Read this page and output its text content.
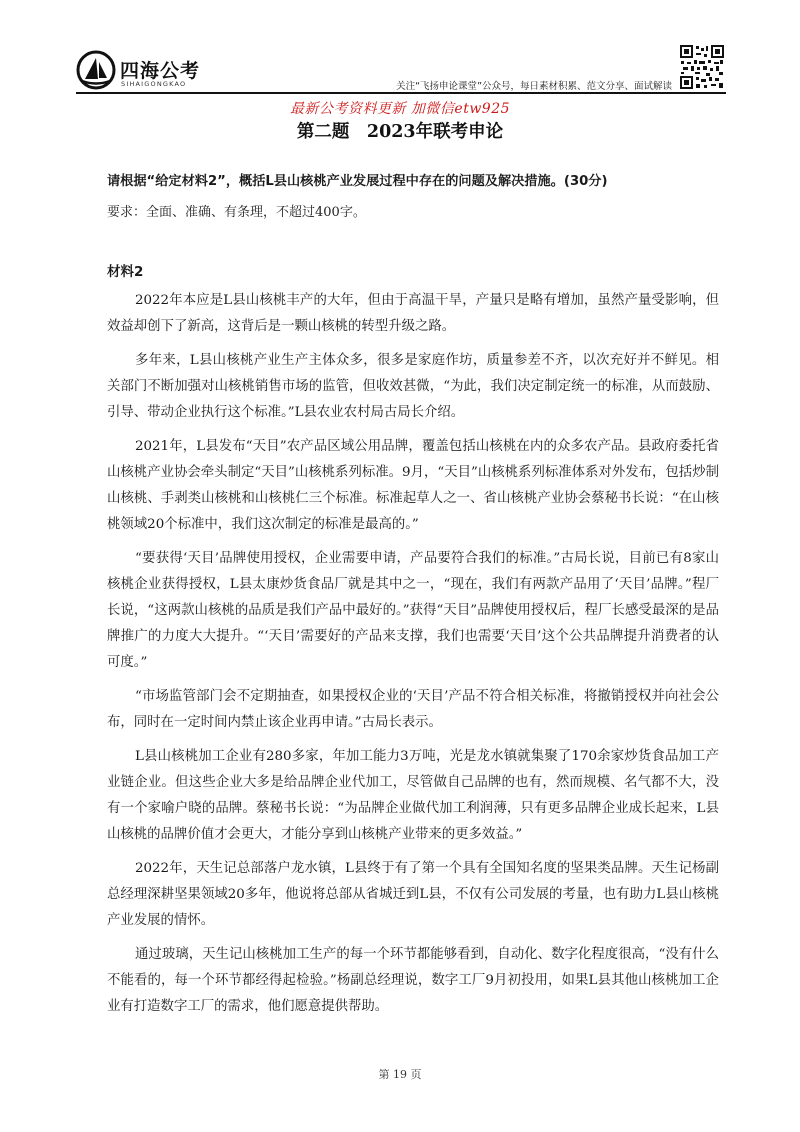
四海公考
SIHAIGONGKAO	关注“飞扬申论课堂”公众号，每日素材积累、范文分享、面试解读
最新公考资料更新 加微信etw925
第二题　2023年联考申论
请根据“给定材料2”，概括L县山核桃产业发展过程中存在的问题及解决措施。(30分)
要求：全面、准确、有条理，不超过400字。
材料2

2022年本应是L县山核桃丰产的大年，但由于高温干旱，产量只是略有增加，虽然产量受影响，但效益却创下了新高，这背后是一颗山核桃的转型升级之路。

多年来，L县山核桃产业生产主体众多，很多是家庭作坊，质量参差不齐，以次充好并不鲜见。相关部门不断加强对山核桃销售市场的监管，但收效甚微，“为此，我们决定制定统一的标准，从而鼓励、引导、带动企业执行这个标准。”L县农业农村局古局长介绍。

2021年，L县发布“天目”农产品区域公用品牌，覆盖包括山核桃在内的众多农产品。县政府委托省山核桃产业协会牵头制定“天目”山核桃系列标准。9月，“天目”山核桃系列标准体系对外发布，包括炒制山核桃、手剥类山核桃和山核桃仁三个标准。标准起草人之一、省山核桃产业协会蔡秘书长说：“在山核桃领域20个标准中，我们这次制定的标准是最高的。”

“要获得‘天目’品牌使用授权，企业需要申请，产品要符合我们的标准。”古局长说，目前已有8家山核桃企业获得授权，L县太康炒货食品厂就是其中之一，“现在，我们有两款产品用了‘天目’品牌。”程厂长说，“这两款山核桃的品质是我们产品中最好的。”获得“天目”品牌使用授权后，程厂长感受最深的是品牌推广的力度大大提升。“‘天目’需要好的产品来支撑，我们也需要‘天目’这个公共品牌提升消费者的认可度。”

“市场监管部门会不定期抽查，如果授权企业的‘天目’产品不符合相关标准，将撤销授权并向社会公布，同时在一定时间内禁止该企业再申请。”古局长表示。

L县山核桃加工企业有280多家，年加工能力3万吨，光是龙水镇就集聚了170余家炒货食品加工产业链企业。但这些企业大多是给品牌企业代加工，尽管做自己品牌的也有，然而规模、名气都不大，没有一个家喻户晓的品牌。蔡秘书长说：“为品牌企业做代加工利润薄，只有更多品牌企业成长起来，L县山核桃的品牌价值才会更大，才能分享到山核桃产业带来的更多效益。”

2022年，天生记总部落户龙水镇，L县终于有了第一个具有全国知名度的坚果类品牌。天生记杨副总经理深耕坚果领域20多年，他说将总部从省城迁到L县，不仅有公司发展的考量，也有助力L县山核桃产业发展的情怀。

通过玻璃，天生记山核桃加工生产的每一个环节都能够看到，自动化、数字化程度很高，“没有什么不能看的，每一个环节都经得起检验。”杨副总经理说，数字工厂9月初投用，如果L县其他山核桃加工企业有打造数字工厂的需求，他们愿意提供帮助。

第 19 页
